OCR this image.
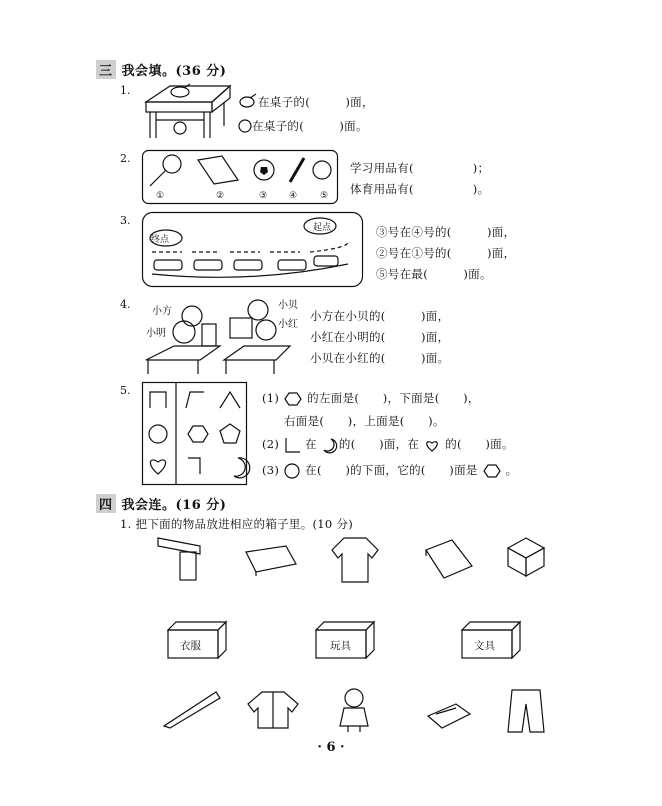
三 我会填。(36 分)
1.
在桌子的(　　　)面，
在桌子的(　　　)面。
2.
①	②	③ ④	⑤
学习用品有(　　　　　)；
体育用品有(　　　　　)。
3.
终点
起点	③号在④号的(　　　)面，
②号在①号的(　　　)面，
⑤号在最(　　　)面。
4.
小方
小明
小贝
小红
小方在小贝的(　　　)面，
小红在小明的(　　　)面，
小贝在小红的(　　　)面。
5.
(1) 的左面是(　　)，下面是(　　)，
右面是(　　)，上面是(　　)。
(2) 在 的(　　)面，在 的(　　)面。
(3) 在(　　)的下面，它的(　　)面是 。
四 我会连。(16 分)
1. 把下面的物品放进相应的箱子里。(10 分)
衣服	玩具	文具
· 6 ·
